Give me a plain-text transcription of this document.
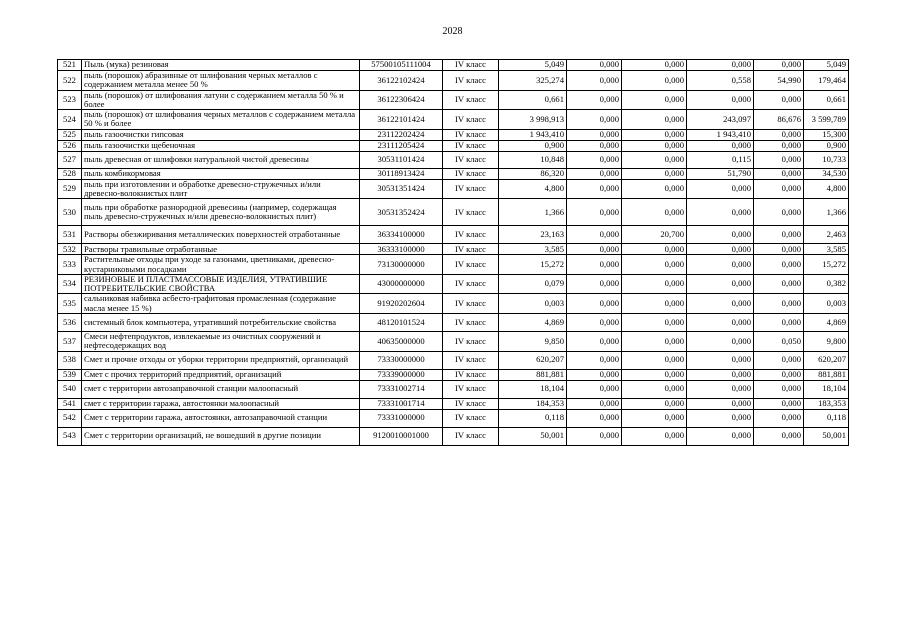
2028
521	Пыль (мука) резиновая	57500105111004	IV класс	5,049	0,000	0,000	0,000	0,000	5,049
522	пыль (порошок) абразивные от шлифования черных металлов с содержанием металла менее 50 %	36122102424	IV класс	325,274	0,000	0,000	0,558	54,990	179,464
523	пыль (порошок) от шлифования латуни с содержанием металла 50 % и более	36122306424	IV класс	0,661	0,000	0,000	0,000	0,000	0,661
524	пыль (порошок) от шлифования черных металлов с содержанием металла 50 % и более	36122101424	IV класс	3 998,913	0,000	0,000	243,097	86,676	3 599,789
525	пыль газоочистки гипсовая	23112202424	IV класс	1 943,410	0,000	0,000	1 943,410	0,000	15,300
526	пыль газоочистки щебеночная	23111205424	IV класс	0,900	0,000	0,000	0,000	0,000	0,900
527	пыль древесная от шлифовки натуральной чистой древесины	30531101424	IV класс	10,848	0,000	0,000	0,115	0,000	10,733
528	пыль комбикормовая	30118913424	IV класс	86,320	0,000	0,000	51,790	0,000	34,530
529	пыль при изготовлении и обработке древесно-стружечных и/или древесно-волокнистых плит	30531351424	IV класс	4,800	0,000	0,000	0,000	0,000	4,800
530	пыль при обработке разнородной древесины (например, содержащая пыль древесно-стружечных и/или древесно-волокнистых плит)	30531352424	IV класс	1,366	0,000	0,000	0,000	0,000	1,366
531	Растворы обезжиривания металлических поверхностей отработанные	36334100000	IV класс	23,163	0,000	20,700	0,000	0,000	2,463
532	Растворы травильные отработанные	36333100000	IV класс	3,585	0,000	0,000	0,000	0,000	3,585
533	Растительные отходы при уходе за газонами, цветниками, древесно-кустарниковыми посадками	73130000000	IV класс	15,272	0,000	0,000	0,000	0,000	15,272
534	РЕЗИНОВЫЕ И ПЛАСТМАССОВЫЕ ИЗДЕЛИЯ, УТРАТИВШИЕ ПОТРЕБИТЕЛЬСКИЕ СВОЙСТВА	43000000000	IV класс	0,079	0,000	0,000	0,000	0,000	0,382
535	сальниковая набивка асбесто-графитовая промасленная (содержание масла менее 15 %)	91920202604	IV класс	0,003	0,000	0,000	0,000	0,000	0,003
536	системный блок компьютера, утративший потребительские свойства	48120101524	IV класс	4,869	0,000	0,000	0,000	0,000	4,869
537	Смеси нефтепродуктов, извлекаемые из очистных сооружений и нефтесодержащих вод	40635000000	IV класс	9,850	0,000	0,000	0,000	0,050	9,800
538	Смет и прочие отходы от уборки территории предприятий, организаций	73330000000	IV класс	620,207	0,000	0,000	0,000	0,000	620,207
539	Смет с прочих территорий предприятий, организаций	73339000000	IV класс	881,881	0,000	0,000	0,000	0,000	881,881
540	смет с территории автозаправочной станции малоопасный	73331002714	IV класс	18,104	0,000	0,000	0,000	0,000	18,104
541	смет с территории гаража, автостоянки малоопасный	73331001714	IV класс	184,353	0,000	0,000	0,000	0,000	183,353
542	Смет с территории гаража, автостоянки, автозаправочной станции	73331000000	IV класс	0,118	0,000	0,000	0,000	0,000	0,118
543	Смет с территории организаций, не вошедший в другие позиции	9120010001000	IV класс	50,001	0,000	0,000	0,000	0,000	50,001
